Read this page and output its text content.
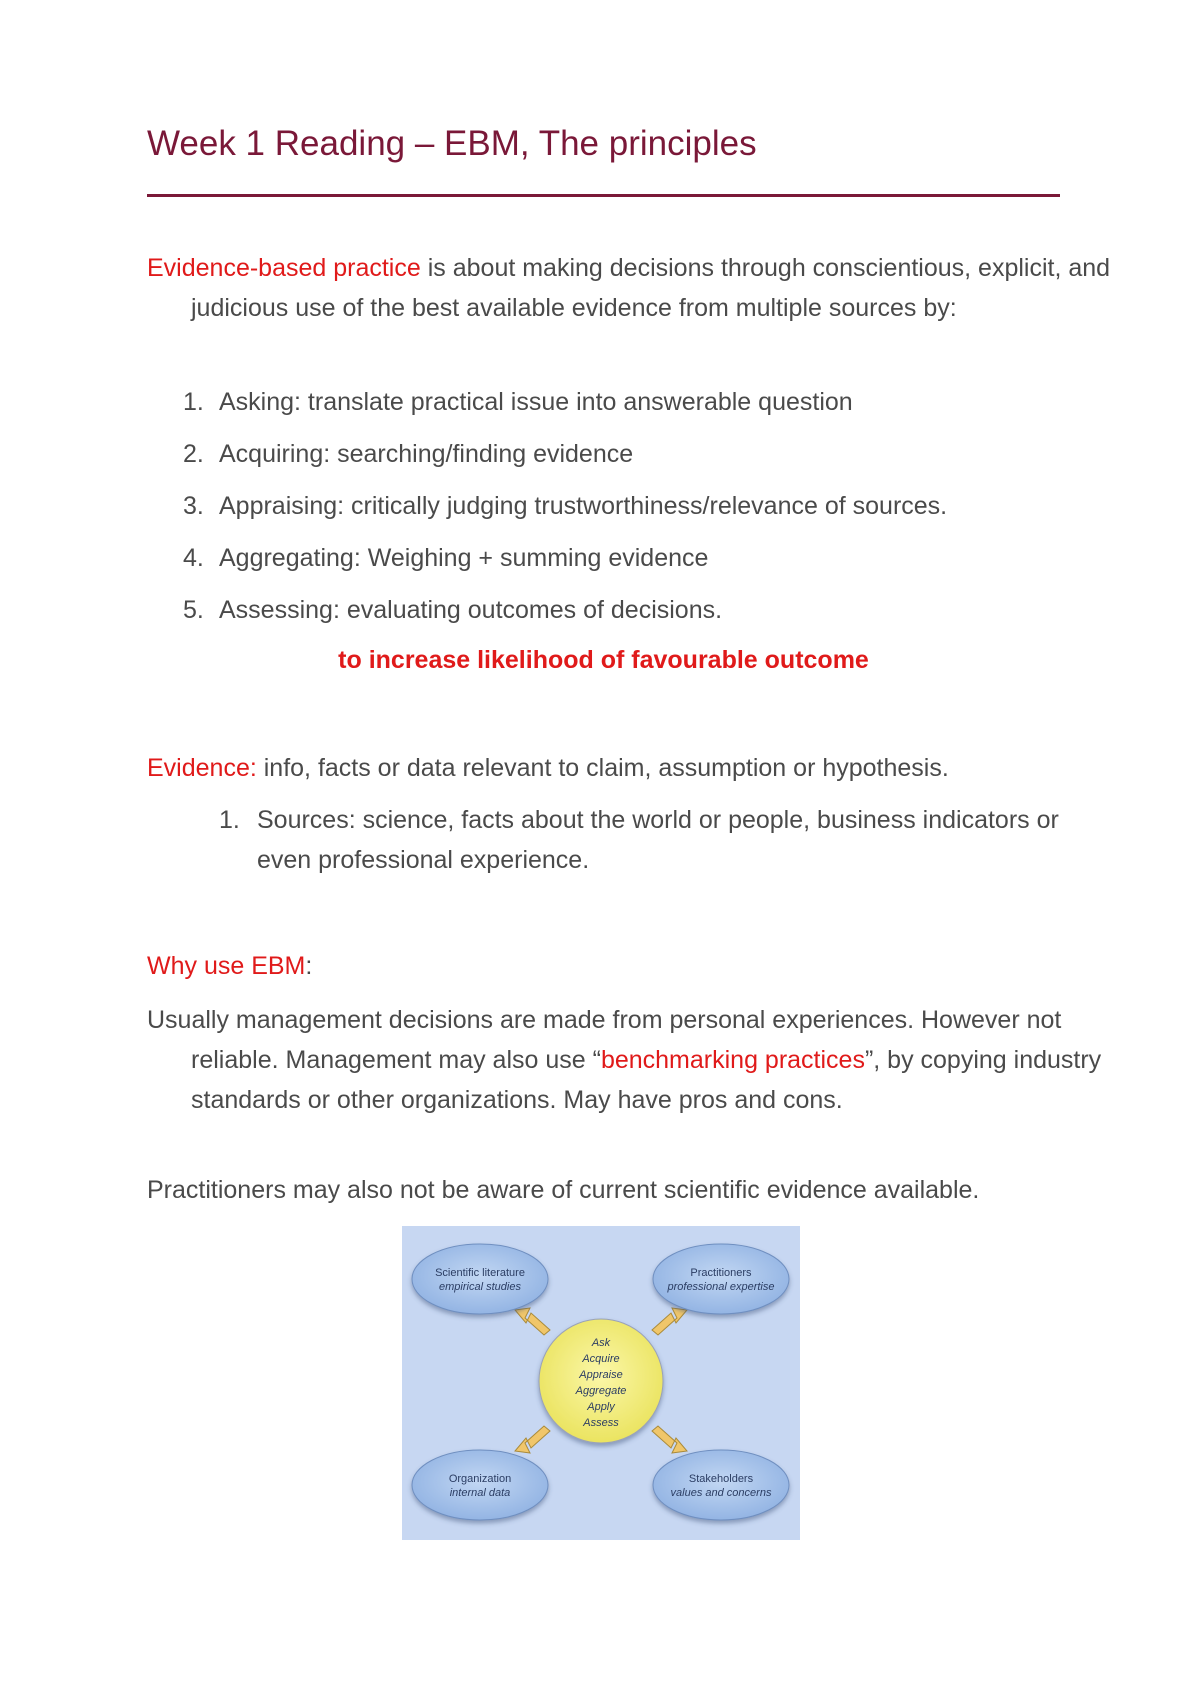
Week 1 Reading – EBM, The principles

Evidence-based practice is about making decisions through conscientious, explicit, and judicious use of the best available evidence from multiple sources by:

1. Asking: translate practical issue into answerable question
2. Acquiring: searching/finding evidence
3. Appraising: critically judging trustworthiness/relevance of sources.
4. Aggregating: Weighing + summing evidence
5. Assessing: evaluating outcomes of decisions.
to increase likelihood of favourable outcome

Evidence: info, facts or data relevant to claim, assumption or hypothesis.

1. Sources: science, facts about the world or people, business indicators or even professional experience.

Why use EBM:

Usually management decisions are made from personal experiences. However not reliable. Management may also use “benchmarking practices”, by copying industry standards or other organizations. May have pros and cons.

Practitioners may also not be aware of current scientific evidence available.

Scientific literature
empirical studies
Practitioners
professional expertise
Organization
internal data
Stakeholders
values and concerns
Ask
Acquire
Appraise
Aggregate
Apply
Assess
